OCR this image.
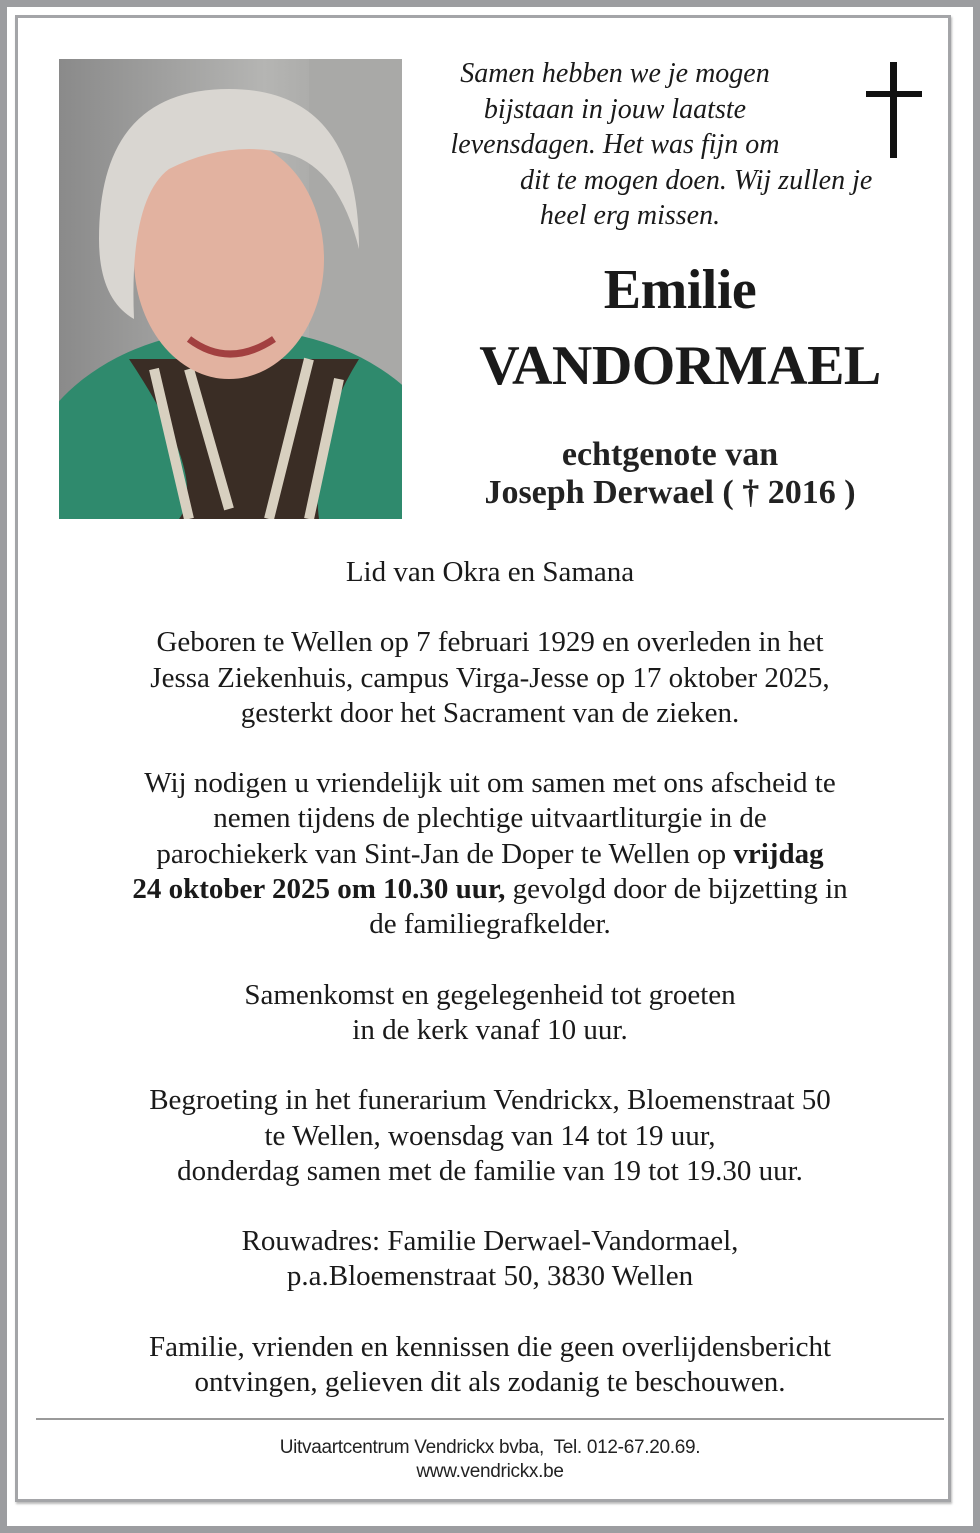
Samen hebben we je mogen
bijstaan in jouw laatste
levensdagen. Het was fijn om
dit te mogen doen. Wij zullen je
heel erg missen.
Emilie
VANDORMAEL
echtgenote van
Joseph Derwael ( † 2016 )

Lid van Okra en Samana

Geboren te Wellen op 7 februari 1929 en overleden in het
Jessa Ziekenhuis, campus Virga-Jesse op 17 oktober 2025,
gesterkt door het Sacrament van de zieken.

Wij nodigen u vriendelijk uit om samen met ons afscheid te
nemen tijdens de plechtige uitvaartliturgie in de
parochiekerk van Sint-Jan de Doper te Wellen op vrijdag
24 oktober 2025 om 10.30 uur, gevolgd door de bijzetting in
de familiegrafkelder.

Samenkomst en gegelegenheid tot groeten
in de kerk vanaf 10 uur.

Begroeting in het funerarium Vendrickx, Bloemenstraat 50
te Wellen, woensdag van 14 tot 19 uur,
donderdag samen met de familie van 19 tot 19.30 uur.

Rouwadres: Familie Derwael-Vandormael,
p.a.Bloemenstraat 50, 3830 Wellen

Familie, vrienden en kennissen die geen overlijdensbericht
ontvingen, gelieven dit als zodanig te beschouwen.

Uitvaartcentrum Vendrickx bvba,  Tel. 012-67.20.69.
www.vendrickx.be
